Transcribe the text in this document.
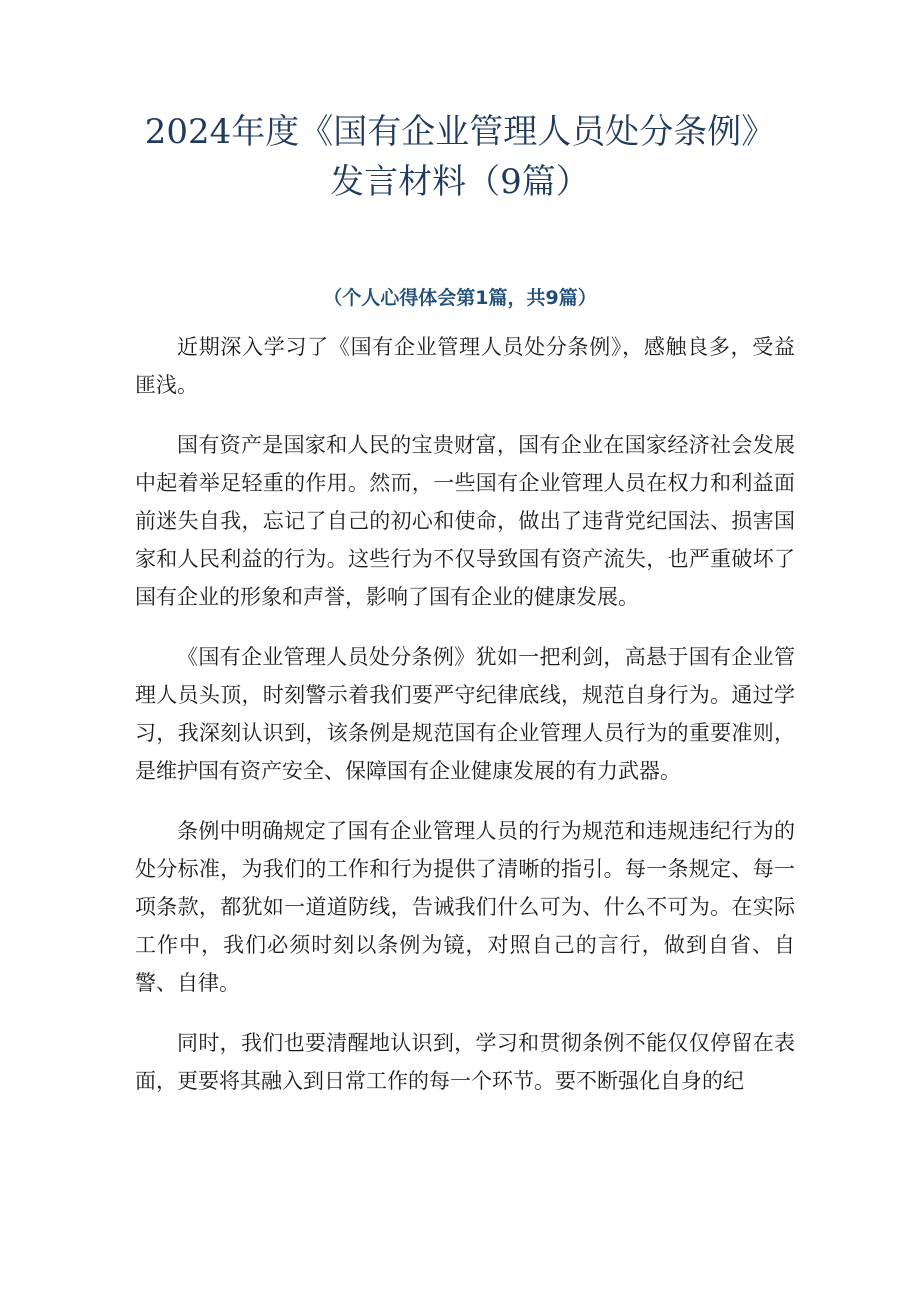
2024年度《国有企业管理人员处分条例》
发言材料（9篇）
（个人心得体会第1篇，共9篇）

近期深入学习了《国有企业管理人员处分条例》，感触良多，受益匪浅。

国有资产是国家和人民的宝贵财富，国有企业在国家经济社会发展中起着举足轻重的作用。然而，一些国有企业管理人员在权力和利益面前迷失自我，忘记了自己的初心和使命，做出了违背党纪国法、损害国家和人民利益的行为。这些行为不仅导致国有资产流失，也严重破坏了国有企业的形象和声誉，影响了国有企业的健康发展。

《国有企业管理人员处分条例》犹如一把利剑，高悬于国有企业管理人员头顶，时刻警示着我们要严守纪律底线，规范自身行为。通过学习，我深刻认识到，该条例是规范国有企业管理人员行为的重要准则，是维护国有资产安全、保障国有企业健康发展的有力武器。

条例中明确规定了国有企业管理人员的行为规范和违规违纪行为的处分标准，为我们的工作和行为提供了清晰的指引。每一条规定、每一项条款，都犹如一道道防线，告诫我们什么可为、什么不可为。在实际工作中，我们必须时刻以条例为镜，对照自己的言行，做到自省、自警、自律。

同时，我们也要清醒地认识到，学习和贯彻条例不能仅仅停留在表面，更要将其融入到日常工作的每一个环节。要不断强化自身的纪
